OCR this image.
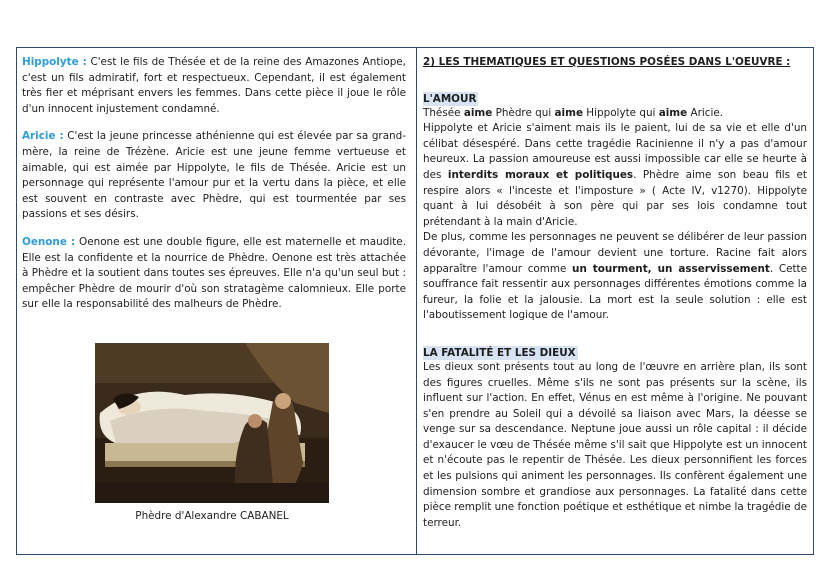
Hippolyte : C'est le fils de Thésée et de la reine des Amazones Antiope, c'est un fils admiratif, fort et respectueux. Cependant, il est également très fier et méprisant envers les femmes. Dans cette pièce il joue le rôle d'un innocent injustement condamné.

Aricie : C'est la jeune princesse athénienne qui est élevée par sa grand-mère, la reine de Trézène. Aricie est une jeune femme vertueuse et aimable, qui est aimée par Hippolyte, le fils de Thésée. Aricie est un personnage qui représente l'amour pur et la vertu dans la pièce, et elle est souvent en contraste avec Phèdre, qui est tourmentée par ses passions et ses désirs.

Oenone : Oenone est une double figure, elle est maternelle et maudite. Elle est la confidente et la nourrice de Phèdre. Oenone est très attachée à Phèdre et la soutient dans toutes ses épreuves. Elle n'a qu'un seul but : empêcher Phèdre de mourir d'où son stratagème calomnieux. Elle porte sur elle la responsabilité des malheurs de Phèdre.

Phèdre d'Alexandre CABANEL
2) LES THEMATIQUES ET QUESTIONS POSÉES DANS L'OEUVRE :
L'AMOUR

Thésée aime Phèdre qui aime Hippolyte qui aime Aricie.

Hippolyte et Aricie s'aiment mais ils le paient, lui de sa vie et elle d'un célibat désespéré. Dans cette tragédie Racinienne il n'y a pas d'amour heureux. La passion amoureuse est aussi impossible car elle se heurte à des interdits moraux et politiques. Phèdre aime son beau fils et respire alors « l'inceste et l'imposture » ( Acte IV, v1270). Hippolyte quant à lui désobéit à son père qui par ses lois condamne tout prétendant à la main d'Aricie.

De plus, comme les personnages ne peuvent se délibérer de leur passion dévorante, l'image de l'amour devient une torture. Racine fait alors apparaître l'amour comme un tourment, un asservissement. Cette souffrance fait ressentir aux personnages différentes émotions comme la fureur, la folie et la jalousie. La mort est la seule solution : elle est l'aboutissement logique de l'amour.

LA FATALITÉ ET LES DIEUX

Les dieux sont présents tout au long de l'œuvre en arrière plan, ils sont des figures cruelles. Même s'ils ne sont pas présents sur la scène, ils influent sur l'action. En effet, Vénus en est même à l'origine. Ne pouvant s'en prendre au Soleil qui a dévoilé sa liaison avec Mars, la déesse se venge sur sa descendance. Neptune joue aussi un rôle capital : il décide d'exaucer le vœu de Thésée même s'il sait que Hippolyte est un innocent et n'écoute pas le repentir de Thésée. Les dieux personnifient les forces et les pulsions qui animent les personnages. Ils confèrent également une dimension sombre et grandiose aux personnages. La fatalité dans cette pièce remplit une fonction poétique et esthétique et nimbe la tragédie de terreur.
